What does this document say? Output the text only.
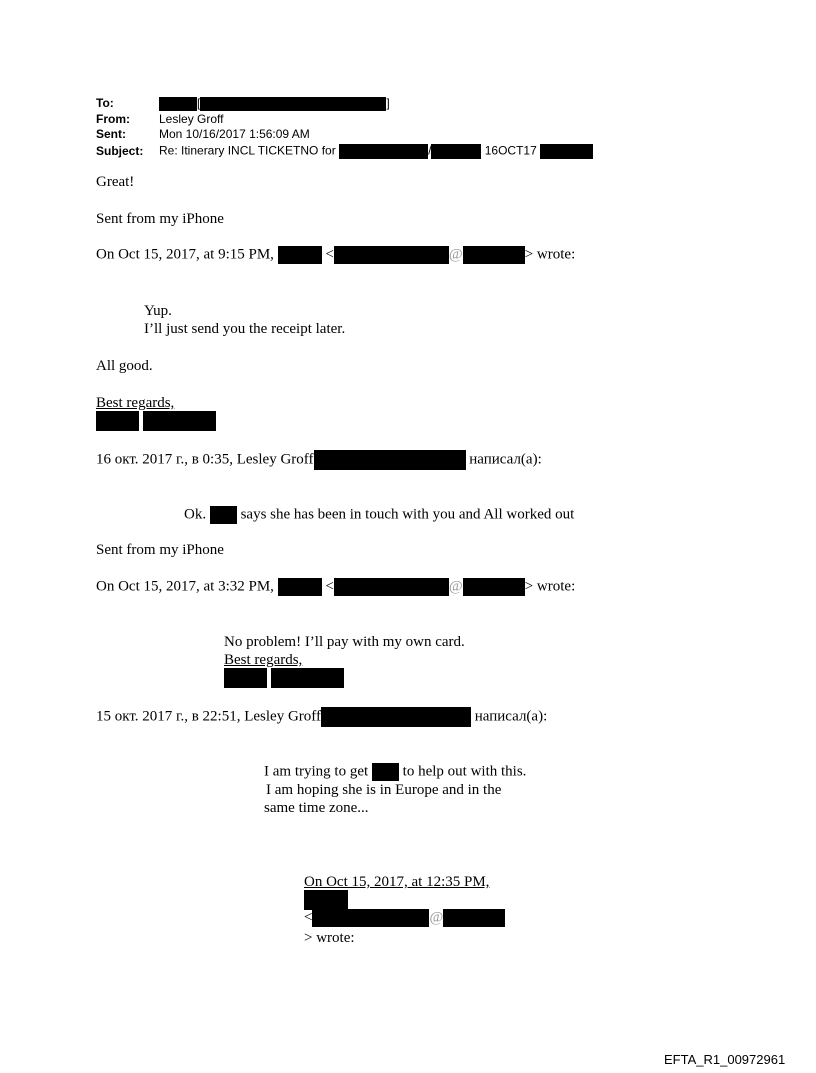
To:	[	]
From: Lesley Groff
Sent:	Mon 10/16/2017 1:56:09 AM
Subject: Re: Itinerary INCL TICKETNO for	/	16OCT17
Great!
Sent from my iPhone
On Oct 15, 2017, at 9:15 PM,	<	@	> wrote:
Yup.
I’ll just send you the receipt later.
All good.
Best regards,

16 окт. 2017 г., в 0:35, Lesley Groff	написал(а):
Ok. says she has been in touch with you and All worked out
Sent from my iPhone
On Oct 15, 2017, at 3:32 PM,	<	@	> wrote:
No problem! I’ll pay with my own card.
Best regards,

15 окт. 2017 г., в 22:51, Lesley Groff	написал(а):
I am trying to get to help out with this.
I am hoping she is in Europe and in the
same time zone...
On Oct 15, 2017, at 12:35 PM,
<	@
> wrote:
EFTA_R1_00972961
